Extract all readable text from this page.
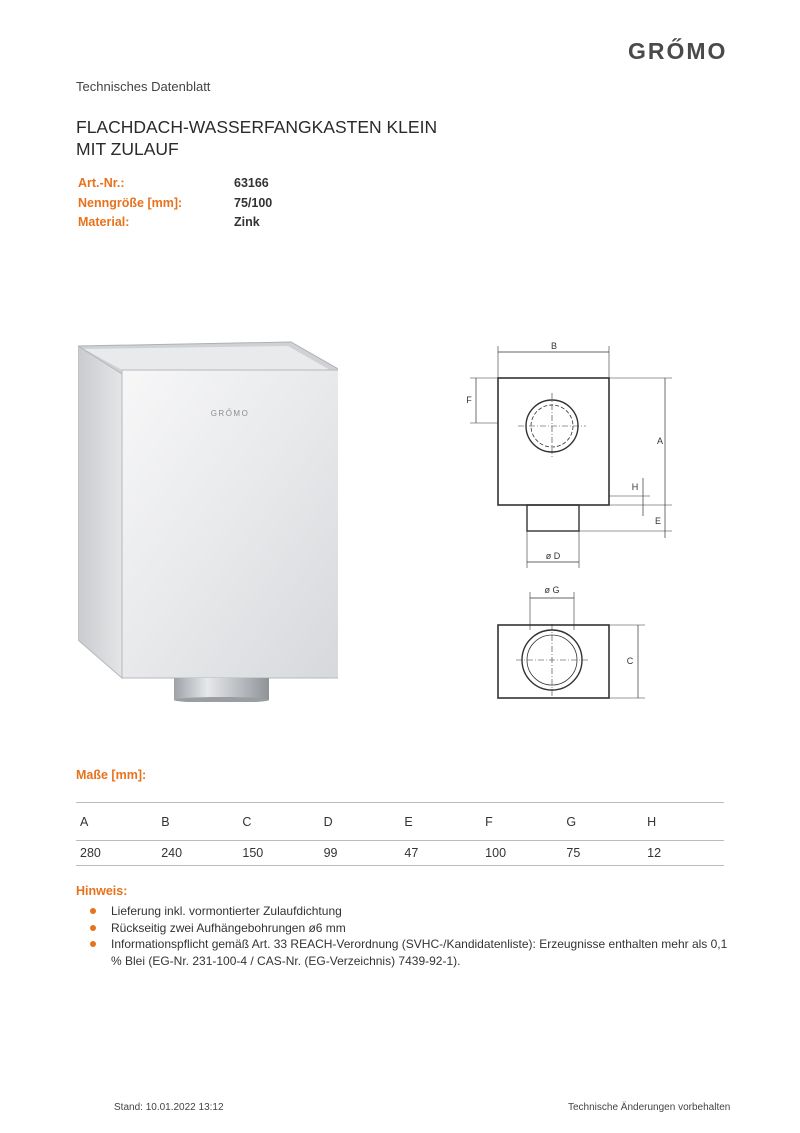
GRŐMO
Technisches Datenblatt
FLACHDACH-WASSERFANGKASTEN KLEIN
MIT ZULAUF
Art.-Nr.:	63166
Nenngröße [mm]:	75/100
Material:	Zink
GRŐMO
B
F
A
H
E
ø D
ø G
C
Maße [mm]:
A	B	C	D	E	F	G	H
280	240	150	99	47	100	75	12
Hinweis:
Lieferung inkl. vormontierter Zulaufdichtung
Rückseitig zwei Aufhängebohrungen ø6 mm
Informationspflicht gemäß Art. 33 REACH-Verordnung (SVHC-/Kandidatenliste): Erzeugnisse enthalten mehr als 0,1 % Blei (EG-Nr. 231-100-4 / CAS-Nr. (EG-Verzeichnis) 7439-92-1).
Stand: 10.01.2022 13:12	Technische Änderungen vorbehalten
